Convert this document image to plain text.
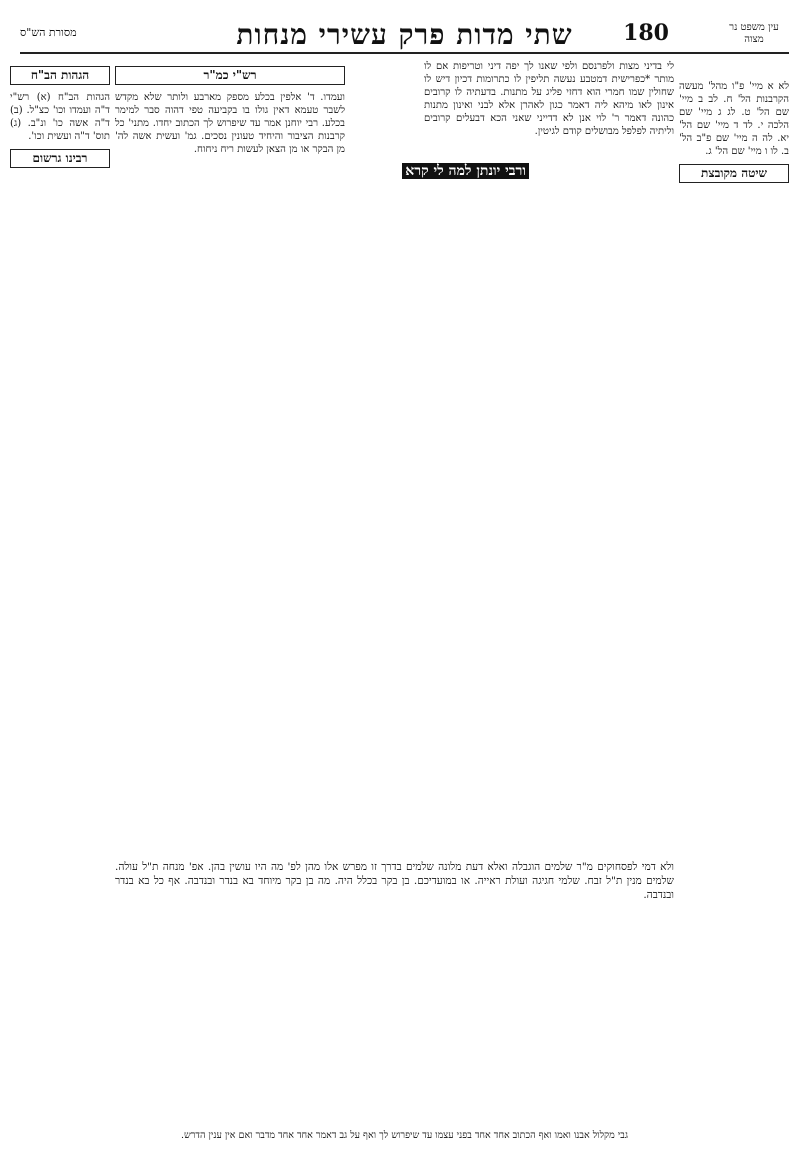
עין משפט נר מצוה
180
שתי מדות פרק עשירי מנחות
מסורת הש"ס
לא א מיי' פ"ו מהל' מעשה הקרבנות הל' ח. לב ב מיי' שם הל' ט. לג ג מיי' שם הלכה י. לד ד מיי' שם הל' יא. לה ה מיי' שם פ"ב הל' ב. לו ו מיי' שם הל' ג.
שיטה מקובצת
לי בדיני מצות ולפרנסם ולפי שאנו לך יפה דיני וטריפות אם לו מותר *כפרישית דמטבע נעשה תליפין לו כתרומות דכיון דיש לו שחולין שמו חמרי הוא דחזי פליג על מתנות. בדעתיה לו קרובים אינון לאו מיהא ליה דאמר כגון לאהרן אלא לבני ואינון מתנות כהונה דאמר ר' לוי אנן לא דדייני שאני הכא דבעלים קרובים וליתיה לפלפל מבושלים קודם לגיטין.
ורבי יונתן למה לי קרא
רש"י כמ"ר
ועמדו. ד' אלפין בכלע מספק מארבע ולותר שלא מקדש לשבר טעמא דאין גולו בו בקביעה טפי דהוה סבר למימר בכלע. רבי יוחנן אמר עד שיפרוש לך הכתוב יחדו. מתני' כל קרבנות הציבור והיחיד טעונין נסכים. גמ' ועשית אשה לה' מן הבקר או מן הצאן לעשות ריח ניחוח.
הגהות הב"ח
הגהות הב"ח (א) רש"י ד"ה ועמדו וכו' כצ"ל. (ב) ד"ה אשה כו' ונ"ב. (ג) תוס' ד"ה ועשית וכו'.
רבינו גרשום
ולא דמי לפסחוקים מ"ר שלמים הוגבלה ואלא דעת מלונה שלמים בדרך זו מפרש אלו מהן לפ' מה היו עושין בהן. אפ' מנחה ת"ל עולה. שלמים מנין ת"ל זבח. שלמי חגיגה ועולת ראייה. או במועדיכם. בן בקר בכלל היה. מה בן בקר מיוחד בא בנדר ובנדבה. אף כל בא בנדר ובנדבה.
גבי מקלול אבנו ואמו ואף הכתוב אחד אחד בפני עצמו עד שיפרוש לך ואף על גב דאמר אחד אחד מדבר ואם אין ענין הדרש.
